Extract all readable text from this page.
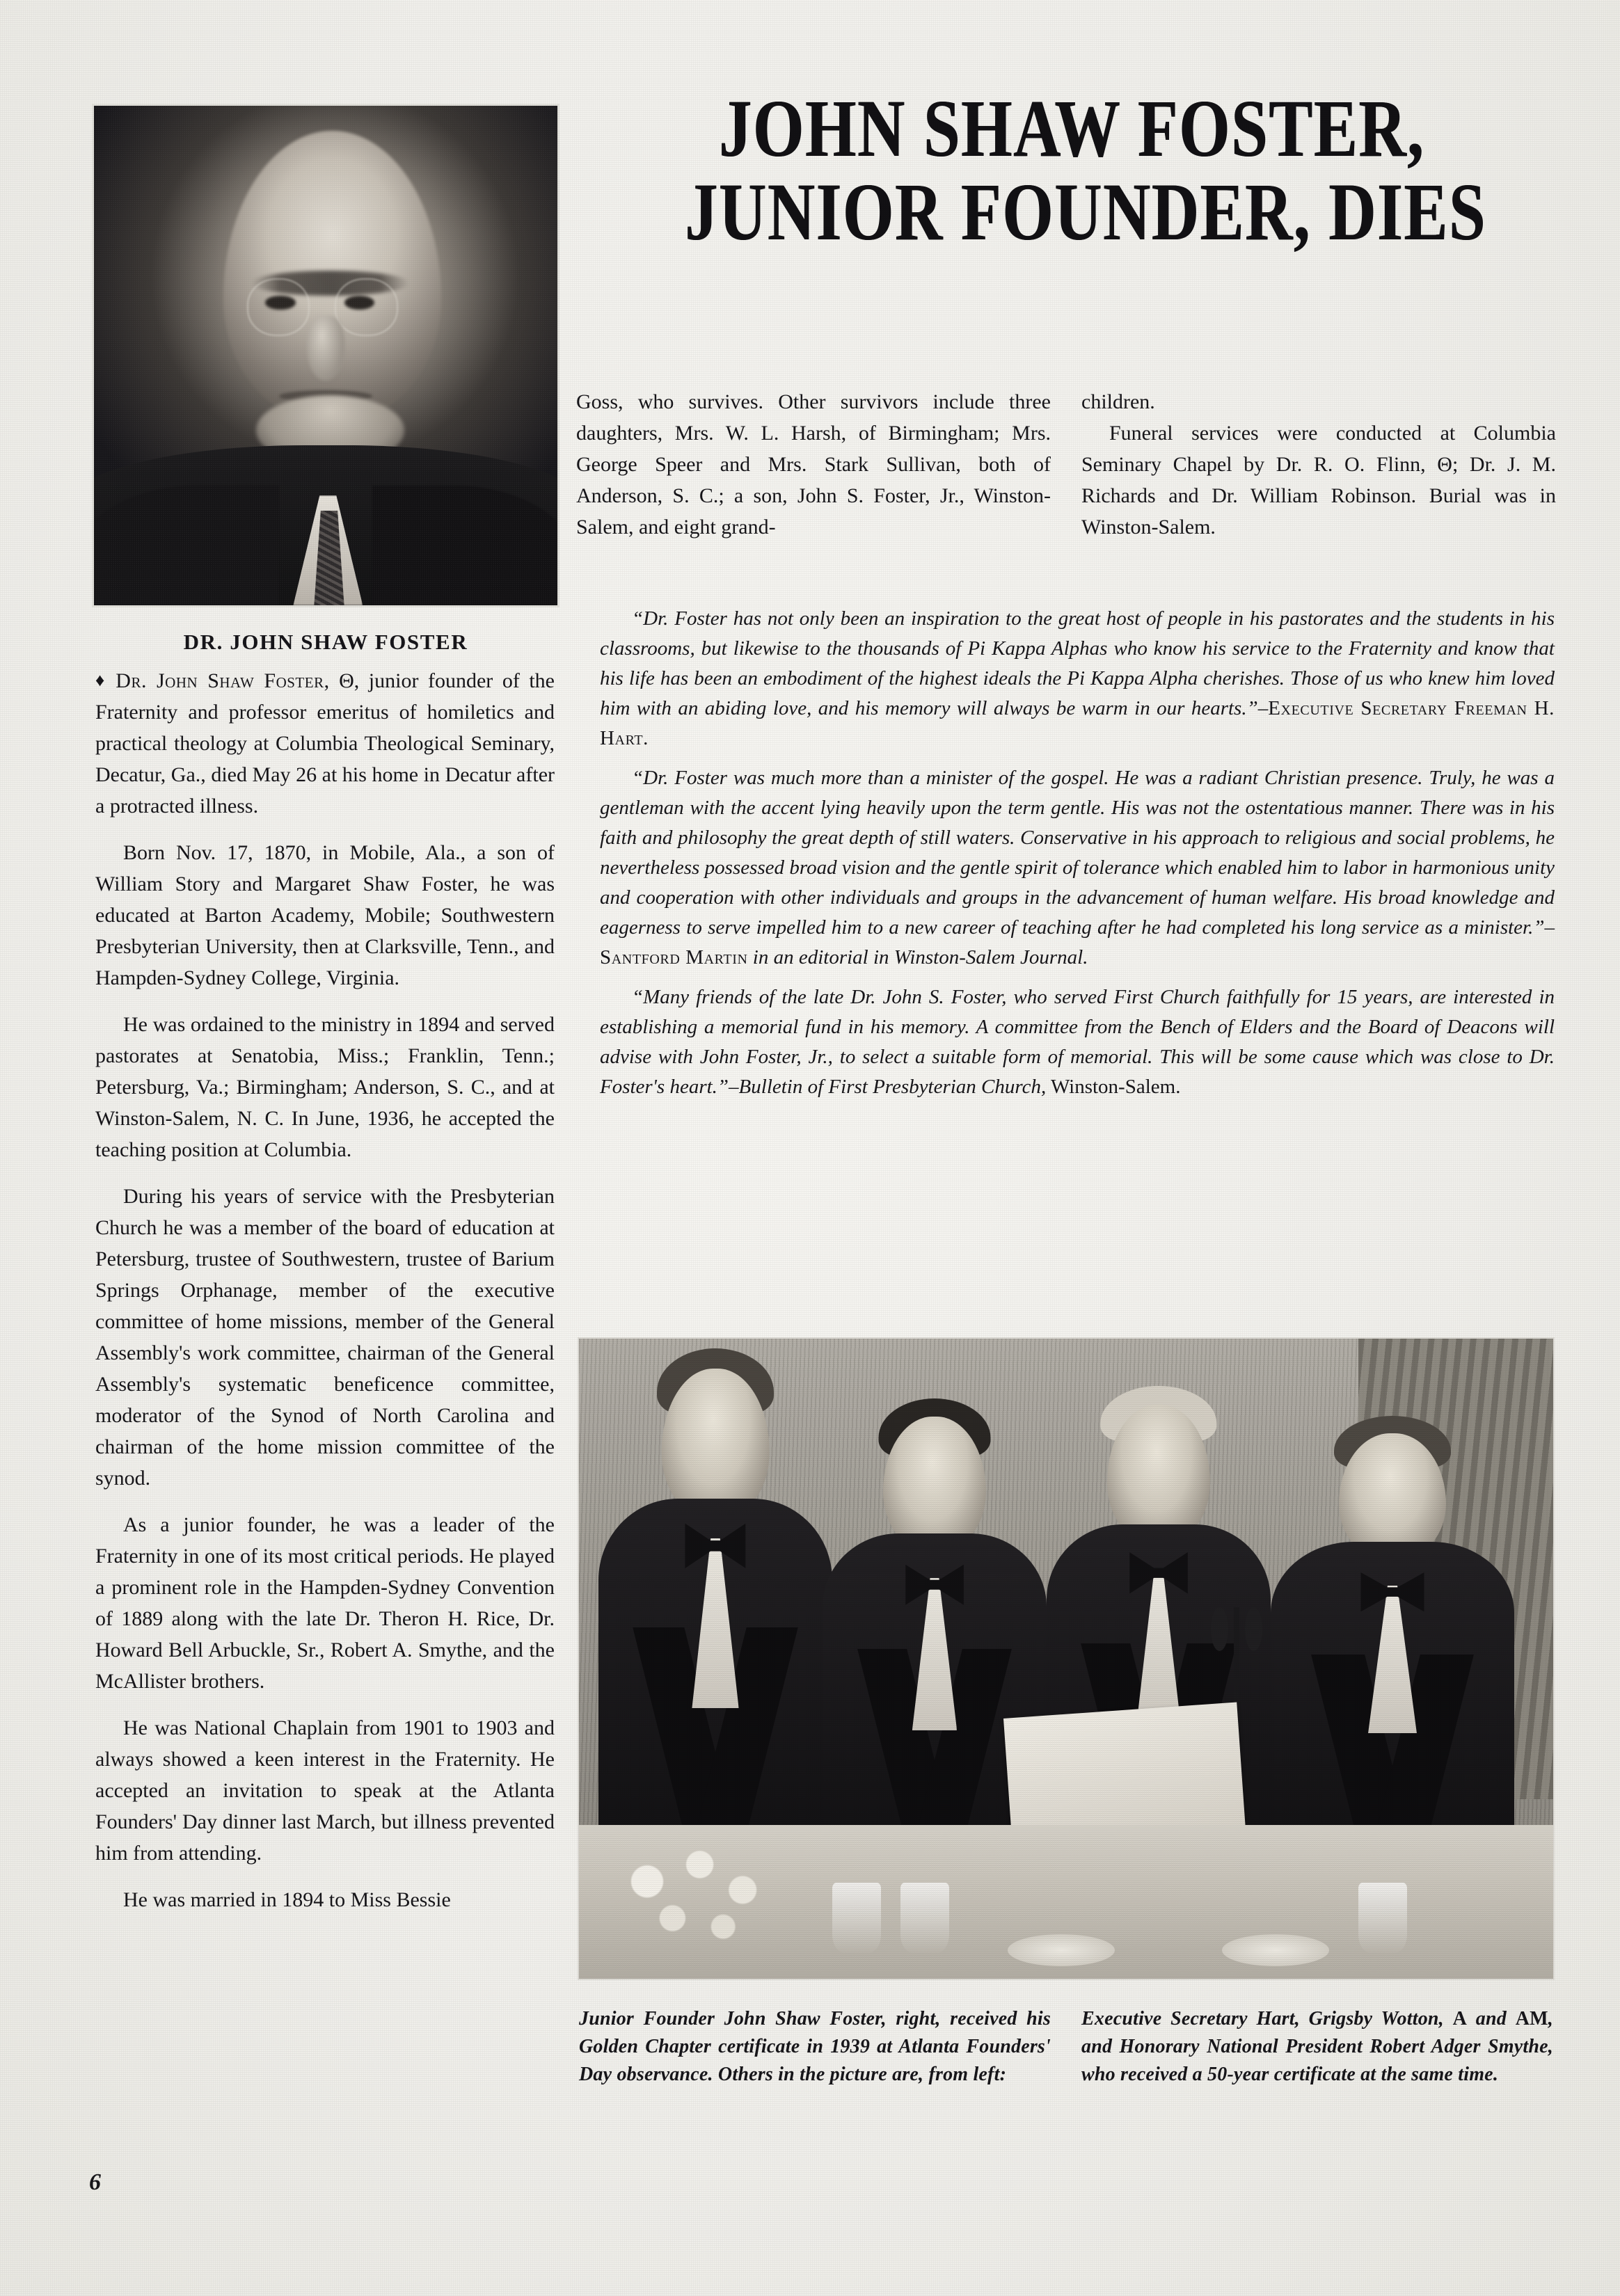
DR. JOHN SHAW FOSTER
JOHN SHAW FOSTER,
JUNIOR FOUNDER, DIES

Goss, who survives. Other survivors include three daughters, Mrs. W. L. Harsh, of Birmingham; Mrs. George Speer and Mrs. Stark Sullivan, both of Anderson, S. C.; a son, John S. Foster, Jr., Winston-Salem, and eight grand-

children.

Funeral services were conducted at Columbia Seminary Chapel by Dr. R. O. Flinn, Θ; Dr. J. M. Richards and Dr. William Robinson. Burial was in Winston-Salem.

♦ Dr. John Shaw Foster, Θ, junior founder of the Fraternity and professor emeritus of homiletics and practical theology at Columbia Theological Seminary, Decatur, Ga., died May 26 at his home in Decatur after a protracted illness.

Born Nov. 17, 1870, in Mobile, Ala., a son of William Story and Margaret Shaw Foster, he was educated at Barton Academy, Mobile; Southwestern Presbyterian University, then at Clarksville, Tenn., and Hampden-Sydney College, Virginia.

He was ordained to the ministry in 1894 and served pastorates at Senatobia, Miss.; Franklin, Tenn.; Petersburg, Va.; Birmingham; Anderson, S. C., and at Winston-Salem, N. C. In June, 1936, he accepted the teaching position at Columbia.

During his years of service with the Presbyterian Church he was a member of the board of education at Petersburg, trustee of Southwestern, trustee of Barium Springs Orphanage, member of the executive committee of home missions, member of the General Assembly's work committee, chairman of the General Assembly's systematic beneficence committee, moderator of the Synod of North Carolina and chairman of the home mission committee of the synod.

As a junior founder, he was a leader of the Fraternity in one of its most critical periods. He played a prominent role in the Hampden-Sydney Convention of 1889 along with the late Dr. Theron H. Rice, Dr. Howard Bell Arbuckle, Sr., Robert A. Smythe, and the McAllister brothers.

He was National Chaplain from 1901 to 1903 and always showed a keen interest in the Fraternity. He accepted an invitation to speak at the Atlanta Founders' Day dinner last March, but illness prevented him from attending.

He was married in 1894 to Miss Bessie

“Dr. Foster has not only been an inspiration to the great host of people in his pastorates and the students in his classrooms, but likewise to the thousands of Pi Kappa Alphas who know his service to the Fraternity and know that his life has been an embodiment of the highest ideals the Pi Kappa Alpha cherishes. Those of us who knew him loved him with an abiding love, and his memory will always be warm in our hearts.”–Executive Secretary Freeman H. Hart.

“Dr. Foster was much more than a minister of the gospel. He was a radiant Christian presence. Truly, he was a gentleman with the accent lying heavily upon the term gentle. His was not the ostentatious manner. There was in his faith and philosophy the great depth of still waters. Conservative in his approach to religious and social problems, he nevertheless possessed broad vision and the gentle spirit of tolerance which enabled him to labor in harmonious unity and cooperation with other individuals and groups in the advancement of human welfare. His broad knowledge and eagerness to serve impelled him to a new career of teaching after he had completed his long service as a minister.”–Santford Martin in an editorial in Winston-Salem Journal.

“Many friends of the late Dr. John S. Foster, who served First Church faithfully for 15 years, are interested in establishing a memorial fund in his memory. A committee from the Bench of Elders and the Board of Deacons will advise with John Foster, Jr., to select a suitable form of memorial. This will be some cause which was close to Dr. Foster's heart.”–Bulletin of First Presbyterian Church, Winston-Salem.

Junior Founder John Shaw Foster, right, received his Golden Chapter certificate in 1939 at Atlanta Founders' Day observance. Others in the picture are, from left:
Executive Secretary Hart, Grigsby Wotton, A and AM, and Honorary National President Robert Adger Smythe, who received a 50-year certificate at the same time.
6
